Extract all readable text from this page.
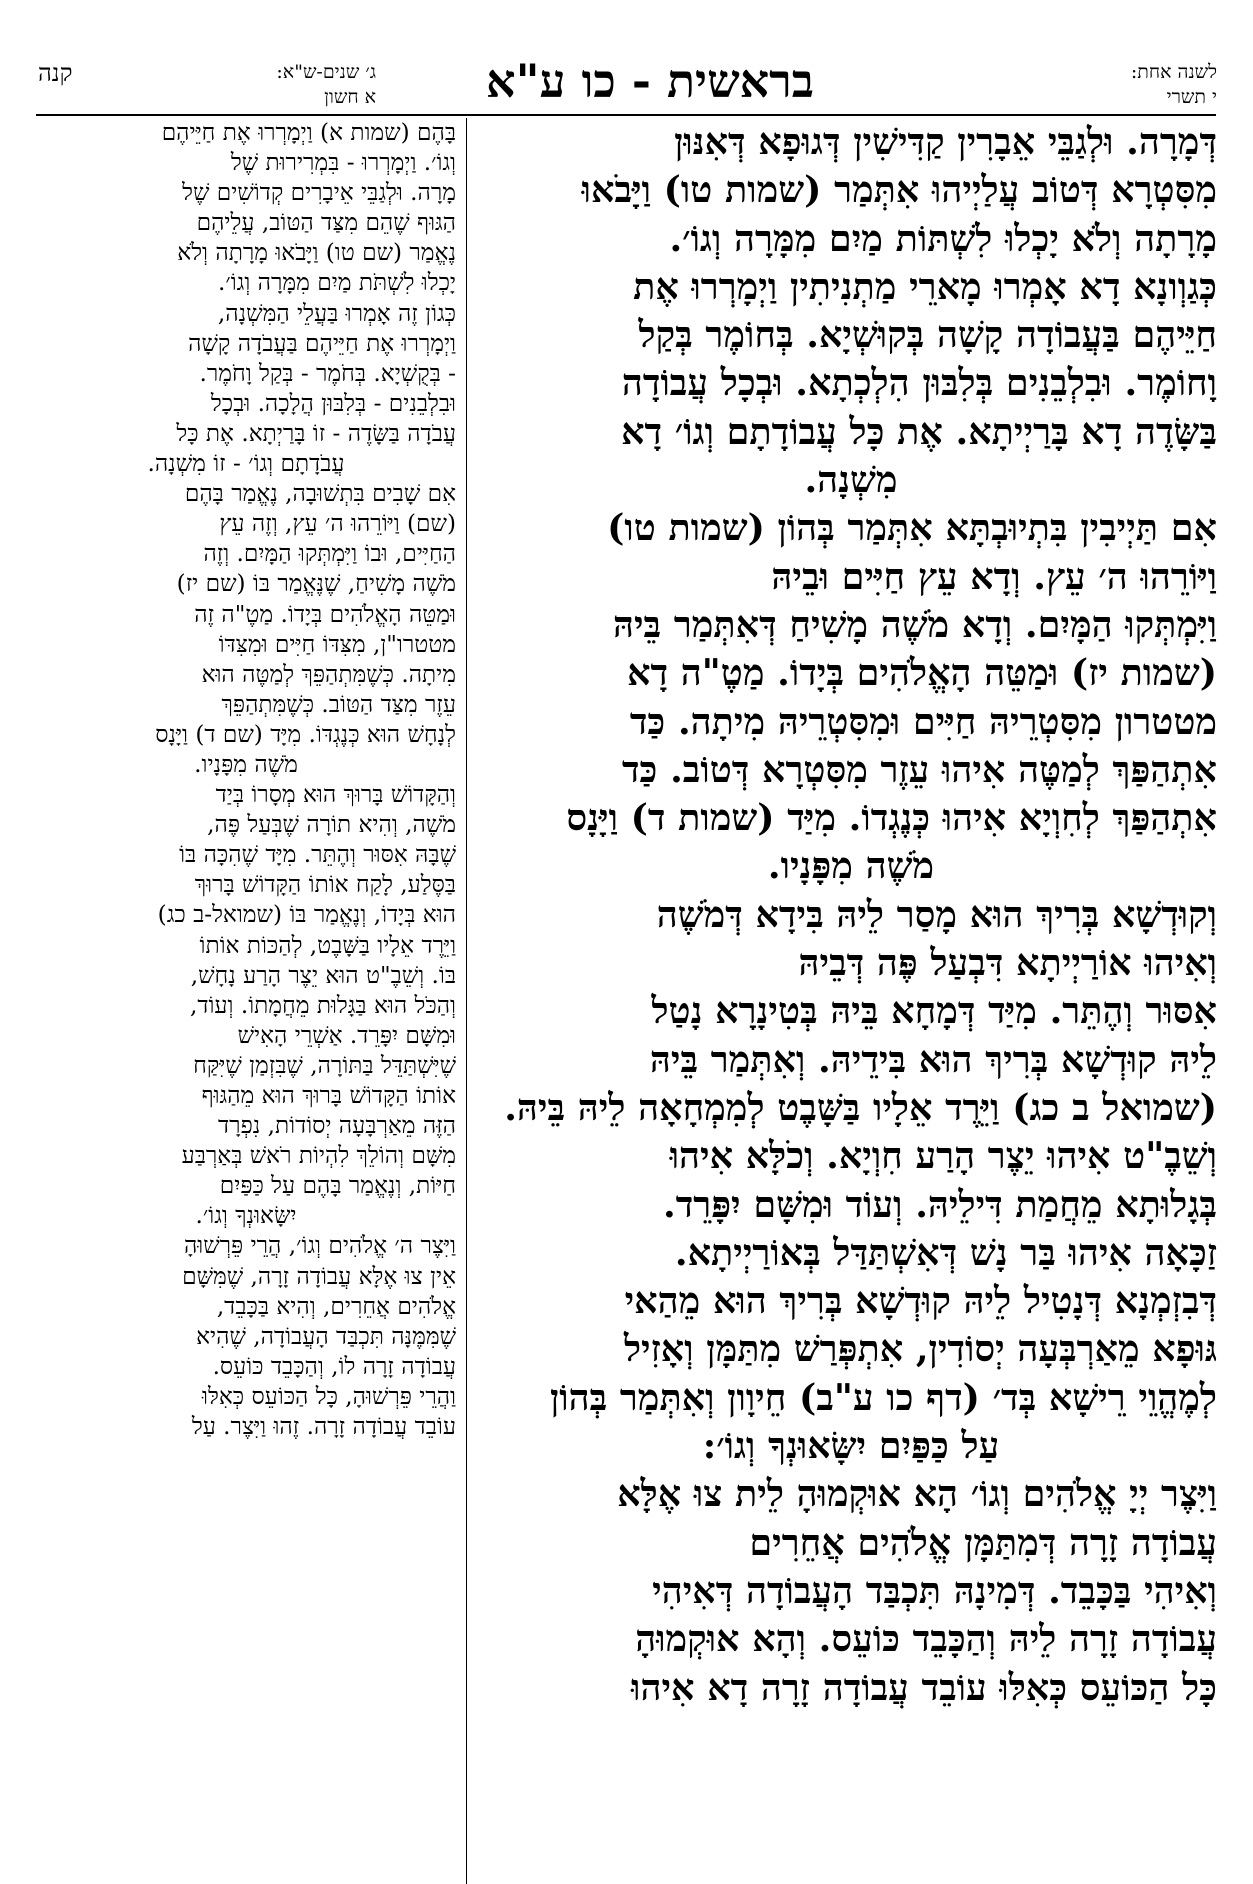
לשנה אחת:
י תשרי
בראשית - כו ע"א
ג׳ שנים-ש"א:
א חשון
קנה

דְּמָרָה. וּלְגַבֵּי אֵבָרִין קַדִּישִׁין דְּגוּפָא דְּאִנּוּן

מִסִּטְרָא דְּטוֹב עֲלַיְיהוּ אִתְּמַר (שמות טו) וַיָּבֹאוּ

מָרָתָה וְלֹא יָכְלוּ לִשְׁתּוֹת מַיִם מִמָּרָה וְגוֹ׳.

כְּגַוְונָא דָא אָמְרוּ מָארֵי מַתְנִיתִין וַיְמָרְרוּ אֶת

חַיֵּיהֶם בַּעֲבוֹדָה קָשָׁה בְּקוּשְׁיָא. בְּחוֹמֶר בְּקַל

וָחוֹמֶר. וּבִלְבֵנִים בְּלִבּוּן הִלְכְתָא. וּבְכָל עֲבוֹדָה

בַּשָּׂדֶה דָא בָּרַיְיתָא. אֶת כָּל עֲבוֹדָתָם וְגוֹ׳ דָא

מִשְׁנָה.

אִם תַּיְיבִין בִּתְיוּבְתָּא אִתְּמַר בְּהוֹן (שמות טו)

וַיּוֹרֵהוּ ה׳ עֵץ. וְדָא עֵץ חַיִּים וּבֵיהּ

וַיִּמְתְּקוּ הַמָּיִם. וְדָא מֹשֶׁה מָשִׁיחַ דְּאִתְּמַר בֵּיהּ

(שמות יז) וּמַטֵּה הָאֱלֹהִים בְּיָדוֹ. מַטֶ"ה דָא

מטטרון מִסִּטְרֵיהּ חַיִּים וּמִסִּטְרֵיהּ מִיתָה. כַּד

אִתְהַפַּךְ לְמַטֶּה אִיהוּ עֵזֶר מִסִּטְרָא דְּטוֹב. כַּד

אִתְהַפַּךְ לְחִוְיָא אִיהוּ כְּנֶגְדוֹ. מִיַּד (שמות ד) וַיָּנָס

מֹשֶׁה מִפָּנָיו.

וְקוּדְשָׁא בְּרִיךְ הוּא מָסַר לֵיהּ בִּידָא דְּמֹשֶׁה

וְאִיהוּ אוֹרַיְיתָא דִּבְעַל פֶּה דְּבֵיהּ

אִסּוּר וְהֶתֵּר. מִיַּד דְּמָחָא בֵּיהּ בְּטִינָרָא נָטַל

לֵיהּ קוּדְשָׁא בְּרִיךְ הוּא בִּידֵיהּ. וְאִתְּמַר בֵּיהּ

(שמואל ב כג) וַיֵּרֶד אֵלָיו בַּשָּׁבֶט לְמִמְחָאָה לֵיהּ בֵּיהּ.

וְשֵׁבֶ"ט אִיהוּ יֵצֶר הָרַע חִוְיָא. וְכֹלָּא אִיהוּ

בְּגָלוּתָא מֵחֲמַת דִּילֵיהּ. וְעוֹד וּמִשָּׁם יִפָּרֵד.

זַכָּאָה אִיהוּ בַּר נָשׁ דְּאִשְׁתַּדַּל בְּאוֹרַיְיתָא.

דְּבִזְמְנָא דְּנָטִיל לֵיהּ קוּדְשָׁא בְּרִיךְ הוּא מֵהַאי

גּוּפָא מֵאַרְבְּעָה יְסוֹדִין, אִתְפְּרַשׁ מִתַּמָּן וְאָזִיל

לְמֶהֱוֵי רֵישָׁא בְּד׳ (דף כו ע"ב) חֵיוָון וְאִתְּמַר בְּהוֹן

עַל כַּפַּיִם יִשָּׂאוּנְךָ וְגוֹ׳:

וַיִּצֶר יְיָ אֱלֹהִים וְגוֹ׳ הָא אוּקְמוּהָ לֵית צוּ אֶלָּא

עֲבוֹדָה זָרָה דְּמִתַּמָּן אֱלֹהִים אֲחֵרִים

וְאִיהִי בַּכָּבֵד. דְּמִינָהּ תִּכְבַּד הָעֲבוֹדָה דְּאִיהִי

עֲבוֹדָה זָרָה לֵיהּ וְהַכָּבֵד כּוֹעֵס. וְהָא אוּקְמוּהָ

כָּל הַכּוֹעֵס כְּאִלּוּ עוֹבֵד עֲבוֹדָה זָרָה דָא אִיהוּ

בָּהֶם (שמות א) וַיְמָרְרוּ אֶת חַיֵּיהֶם

וְגוֹ׳. וַיְמָרְרוּ - בִּמְרִירוּת שֶׁל

מָרָה. וּלְגַבֵּי אֵיבָרִים קְדוֹשִׁים שֶׁל

הַגּוּף שֶׁהֵם מִצַּד הַטּוֹב, עֲלֵיהֶם

נֶאֱמַר (שם טו) וַיָּבֹאוּ מָרָתָה וְלֹא

יָכְלוּ לִשְׁתֹּת מַיִם מִמָּרָה וְגוֹ׳.

כְּגוֹן זֶה אָמְרוּ בַּעֲלֵי הַמִּשְׁנָה,

וַיְמָרְרוּ אֶת חַיֵּיהֶם בַּעֲבֹדָה קָשָׁה

- בְּקֻשְׁיָא. בְּחֹמֶר - בְּקַל וָחֹמֶר.

וּבִלְבֵנִים - בְּלִבּוּן הֲלָכָה. וּבְכָל

עֲבֹדָה בַּשָּׂדֶה - זוֹ בָּרַיְתָא. אֶת כָּל

עֲבֹדָתָם וְגוֹ׳ - זוֹ מִשְׁנָה.

אִם שָׁבִים בִּתְשׁוּבָה, נֶאֱמַר בָּהֶם

(שם) וַיּוֹרֵהוּ ה׳ עֵץ, וְזֶה עֵץ

הַחַיִּים, וּבוֹ וַיִּמְתְּקוּ הַמָּיִם. וְזֶה

מֹשֶׁה מָשִׁיחַ, שֶׁנֶּאֱמַר בּוֹ (שם יז)

וּמַטֵּה הָאֱלֹהִים בְּיָדוֹ. מַטֶ"ה זֶה

מטטרו"ן, מִצִּדּוֹ חַיִּים וּמִצִּדּוֹ

מִיתָה. כְּשֶׁמִּתְהַפֵּךְ לְמַטֶּה הוּא

עֵזֶר מִצַּד הַטּוֹב. כְּשֶׁמִּתְהַפֵּךְ

לְנָחָשׁ הוּא כְּנֶגְדּוֹ. מִיָּד (שם ד) וַיָּנָס

מֹשֶׁה מִפָּנָיו.

וְהַקָּדוֹשׁ בָּרוּךְ הוּא מְסָרוֹ בְּיַד

מֹשֶׁה, וְהִיא תוֹרָה שֶׁבְּעַל פֶּה,

שֶׁבָּהּ אִסּוּר וְהֶתֵּר. מִיָּד שֶׁהִכָּה בּוֹ

בַּסֶּלַע, לָקַח אוֹתוֹ הַקָּדוֹשׁ בָּרוּךְ

הוּא בְּיָדוֹ, וְנֶאֱמַר בּוֹ (שמואל-ב כג)

וַיֵּרֶד אֵלָיו בַּשָּׁבֶט, לְהַכּוֹת אוֹתוֹ

בּוֹ. וְשֵׁבֶ"ט הוּא יֵצֶר הָרַע נָחָשׁ,

וְהַכֹּל הוּא בַּגָּלוּת מֵחֲמָתוֹ. וְעוֹד,

וּמִשָּׁם יִפָּרֵד. אַשְׁרֵי הָאִישׁ

שֶׁיִּשְׁתַּדֵּל בַּתּוֹרָה, שֶׁבִּזְמַן שֶׁיִּקַּח

אוֹתוֹ הַקָּדוֹשׁ בָּרוּךְ הוּא מֵהַגּוּף

הַזֶּה מֵאַרְבָּעָה יְסוֹדוֹת, נִפְרָד

מִשָּׁם וְהוֹלֵךְ לִהְיוֹת רֹאשׁ בְּאַרְבַּע

חַיּוֹת, וְנֶאֱמַר בָּהֶם עַל כַּפַּיִם

יִשָּׂאוּנְךָ וְגוֹ׳.

וַיִּצֶר ה׳ אֱלֹהִים וְגוֹ׳, הֲרֵי פֵּרְשׁוּהָ

אֵין צוּ אֶלָּא עֲבוֹדָה זָרָה, שֶׁמִּשָּׁם

אֱלֹהִים אֲחֵרִים, וְהִיא בַּכָּבֵד,

שֶׁמִּמֶּנָּה תִּכְבַּד הָעֲבוֹדָה, שֶׁהִיא

עֲבוֹדָה זָרָה לוֹ, וְהַכָּבֵד כּוֹעֵס.

וַהֲרֵי פֵּרְשׁוּהָ, כָּל הַכּוֹעֵס כְּאִלּוּ

עוֹבֵד עֲבוֹדָה זָרָה. זֶהוּ וַיִּצֶר. עַל
